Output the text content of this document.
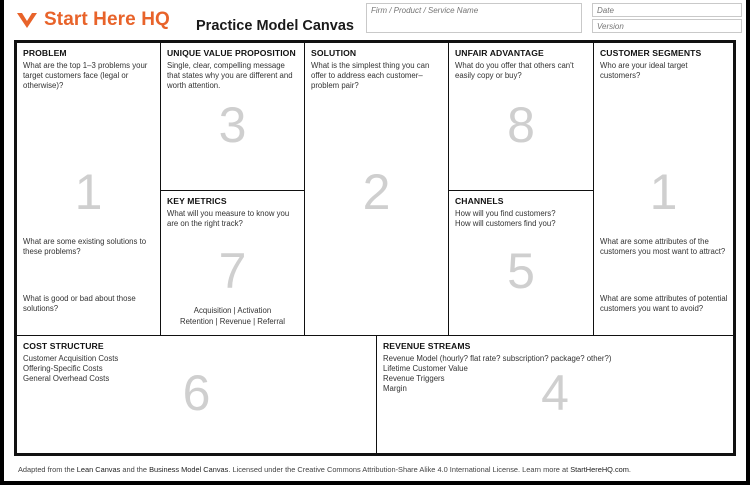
Start Here HQ Practice Model Canvas
Firm / Product / Service Name
Date
Version
PROBLEM

What are the top 1–3 problems your target customers face (legal or otherwise)?

1

What are some existing solutions to these problems?

What is good or bad about those solutions?

UNIQUE VALUE PROPOSITION

Single, clear, compelling message that states why you are different and worth attention.

3
KEY METRICS

What will you measure to know you are on the right track?

7

Acquisition | Activation

Retention | Revenue | Referral

SOLUTION

What is the simplest thing you can offer to address each customer–problem pair?

2
UNFAIR ADVANTAGE

What do you offer that others can't easily copy or buy?

8
CHANNELS

How will you find customers?

How will customers find you?

5
CUSTOMER SEGMENTS

Who are your ideal target customers?

1

What are some attributes of the customers you most want to attract?

What are some attributes of potential customers you want to avoid?

COST STRUCTURE

Customer Acquisition Costs

Offering-Specific Costs

General Overhead Costs	6
REVENUE STREAMS

Revenue Model (hourly? flat rate? subscription? package? other?)

Lifetime Customer Value

Revenue Triggers

Margin	4
Adapted from the Lean Canvas and the Business Model Canvas. Licensed under the Creative Commons Attribution-Share Alike 4.0 International License. Learn more at StartHereHQ.com.
